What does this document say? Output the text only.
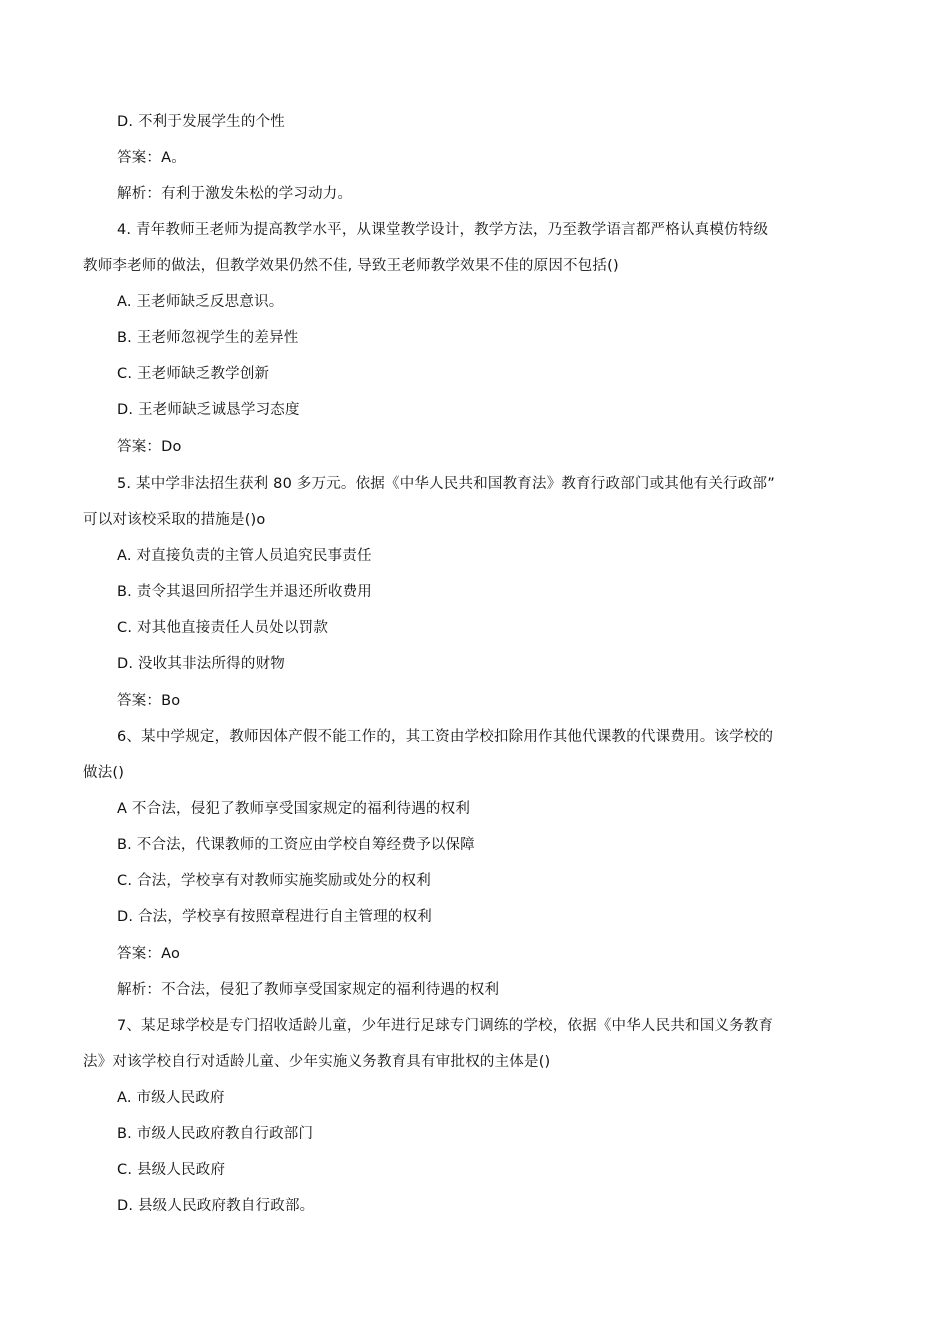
D. 不利于发展学生的个性
答案：A。
解析：有利于激发朱松的学习动力。
4. 青年教师王老师为提高教学水平，从课堂教学设计，教学方法，乃至教学语言都严格认真模仿特级
教师李老师的做法，但教学效果仍然不佳, 导致王老师教学效果不佳的原因不包括()
A. 王老师缺乏反思意识。
B. 王老师忽视学生的差异性
C. 王老师缺乏教学创新
D. 王老师缺乏诚恳学习态度
答案：Do
5. 某中学非法招生获利 80 多万元。依据《中华人民共和国教育法》教育行政部门或其他有关行政部”
可以对该校采取的措施是()o
A. 对直接负责的主管人员追究民事责任
B. 责令其退回所招学生并退还所收费用
C. 对其他直接责任人员处以罚款
D. 没收其非法所得的财物
答案：Bo
6、某中学规定，教师因体产假不能工作的，其工资由学校扣除用作其他代课教的代课费用。该学校的
做法()
A 不合法，侵犯了教师享受国家规定的福利待遇的权利
B. 不合法，代课教师的工资应由学校自筹经费予以保障
C. 合法，学校享有对教师实施奖励或处分的权利
D. 合法，学校享有按照章程进行自主管理的权利
答案：Ao
解析：不合法，侵犯了教师享受国家规定的福利待遇的权利
7、某足球学校是专门招收适龄儿童，少年进行足球专门调练的学校，依据《中华人民共和国义务教育
法》对该学校自行对适龄儿童、少年实施义务教育具有审批权的主体是()
A. 市级人民政府
B. 市级人民政府教自行政部门
C. 县级人民政府
D. 县级人民政府教自行政部。
